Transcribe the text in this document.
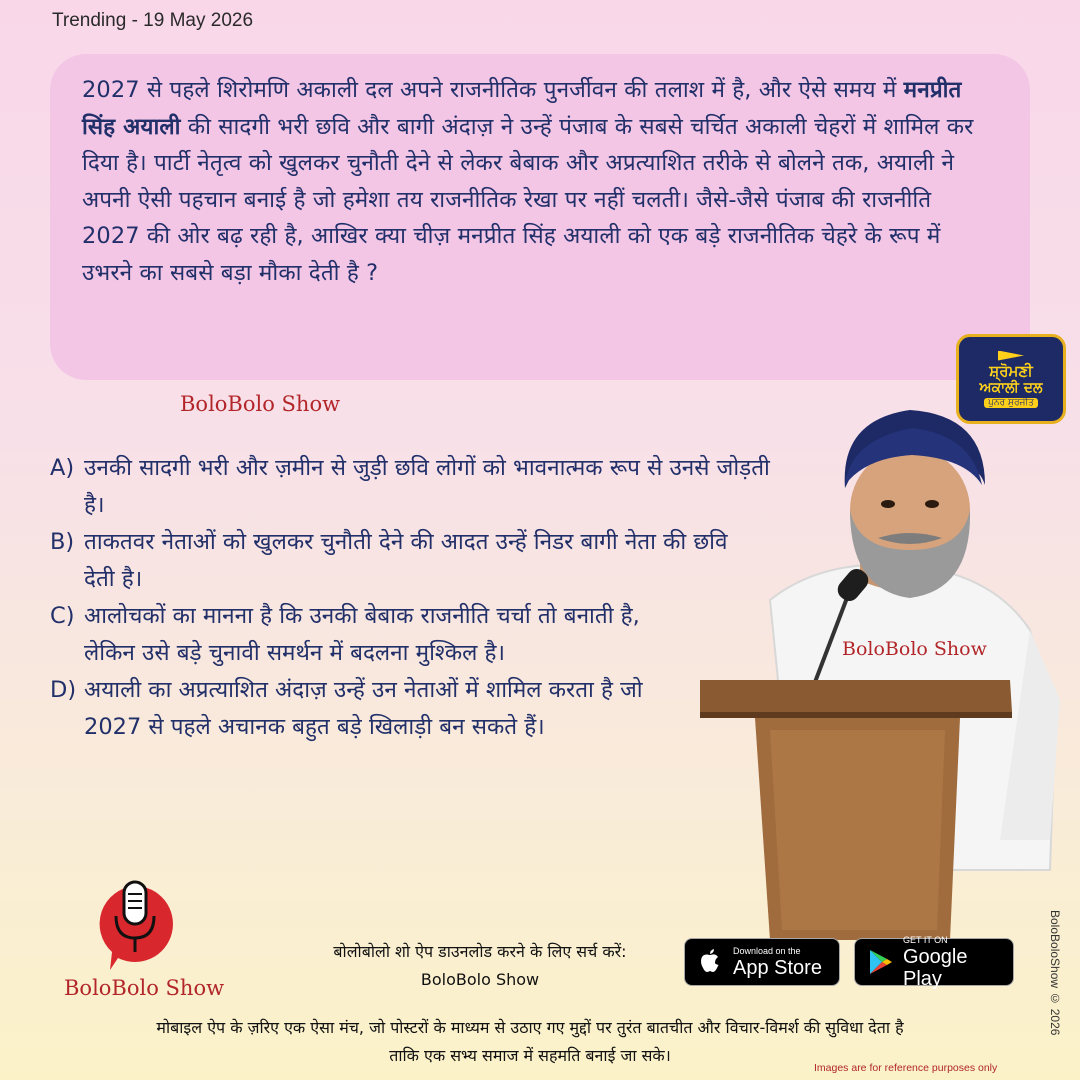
Trending - 19 May 2026

2027 से पहले शिरोमणि अकाली दल अपने राजनीतिक पुनर्जीवन की तलाश में है, और ऐसे समय में मनप्रीत सिंह अयाली की सादगी भरी छवि और बागी अंदाज़ ने उन्हें पंजाब के सबसे चर्चित अकाली चेहरों में शामिल कर दिया है। पार्टी नेतृत्व को खुलकर चुनौती देने से लेकर बेबाक और अप्रत्याशित तरीके से बोलने तक, अयाली ने अपनी ऐसी पहचान बनाई है जो हमेशा तय राजनीतिक रेखा पर नहीं चलती। जैसे-जैसे पंजाब की राजनीति 2027 की ओर बढ़ रही है, आखिर क्या चीज़ मनप्रीत सिंह अयाली को एक बड़े राजनीतिक चेहरे के रूप में उभरने का सबसे बड़ा मौका देती है ?

BoloBolo Show
ਸ਼੍ਰੋਮਣੀ
ਅਕਾਲੀ ਦਲ
ਪੁਨਰ ਸੁਰਜੀਤ
A) उनकी सादगी भरी और ज़मीन से जुड़ी छवि लोगों को भावनात्मक रूप से उनसे जोड़ती है।
B) ताकतवर नेताओं को खुलकर चुनौती देने की आदत उन्हें निडर बागी नेता की छवि देती है।
C) आलोचकों का मानना है कि उनकी बेबाक राजनीति चर्चा तो बनाती है, लेकिन उसे बड़े चुनावी समर्थन में बदलना मुश्किल है।
D) अयाली का अप्रत्याशित अंदाज़ उन्हें उन नेताओं में शामिल करता है जो 2027 से पहले अचानक बहुत बड़े खिलाड़ी बन सकते हैं।
BoloBolo Show
BoloBolo Show
बोलोबोलो शो ऐप डाउनलोड करने के लिए सर्च करें:
BoloBolo Show
Download on the
App Store
GET IT ON
Google Play
मोबाइल ऐप के ज़रिए एक ऐसा मंच, जो पोस्टरों के माध्यम से उठाए गए मुद्दों पर तुरंत बातचीत और विचार-विमर्श की सुविधा देता है
ताकि एक सभ्य समाज में सहमति बनाई जा सके।
Images are for reference purposes only
BoloBoloShow © 2026
